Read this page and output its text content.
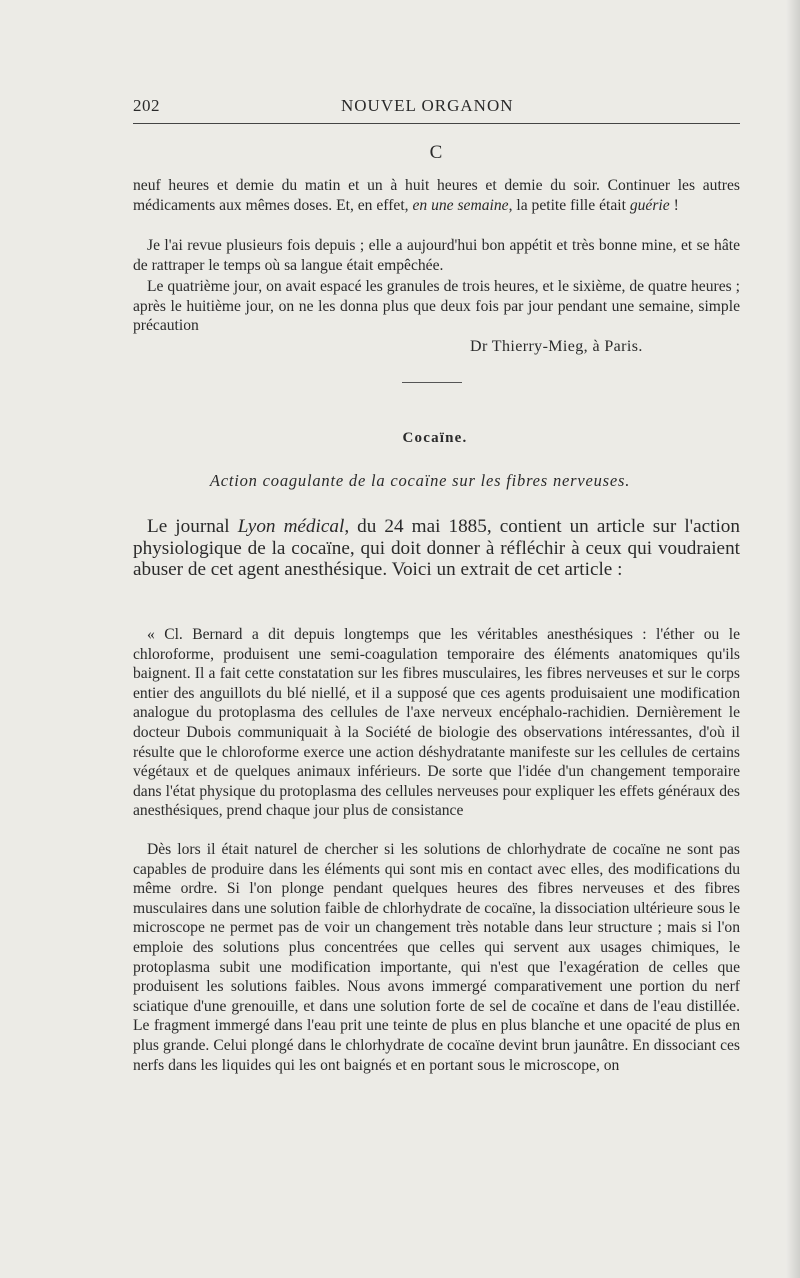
202	NOUVEL ORGANON
C

neuf heures et demie du matin et un à huit heures et demie du soir. Continuer les autres médicaments aux mêmes doses. Et, en effet, en une semaine, la petite fille était guérie !

Je l'ai revue plusieurs fois depuis ; elle a aujourd'hui bon appétit et très bonne mine, et se hâte de rattraper le temps où sa langue était empêchée.

Le quatrième jour, on avait espacé les granules de trois heures, et le sixième, de quatre heures ; après le huitième jour, on ne les donna plus que deux fois par jour pendant une semaine, simple précaution

Dr Thierry-Mieg, à Paris.
Cocaïne.
Action coagulante de la cocaïne sur les fibres nerveuses.

Le journal Lyon médical, du 24 mai 1885, contient un article sur l'action physiologique de la cocaïne, qui doit donner à réfléchir à ceux qui voudraient abuser de cet agent anesthésique. Voici un extrait de cet article :

« Cl. Bernard a dit depuis longtemps que les véritables anesthésiques : l'éther ou le chloroforme, produisent une semi-coagulation temporaire des éléments anatomiques qu'ils baignent. Il a fait cette constatation sur les fibres musculaires, les fibres nerveuses et sur le corps entier des anguillots du blé niellé, et il a supposé que ces agents produisaient une modification analogue du protoplasma des cellules de l'axe nerveux encéphalo-rachidien. Dernièrement le docteur Dubois communiquait à la Société de biologie des observations intéressantes, d'où il résulte que le chloroforme exerce une action déshydratante manifeste sur les cellules de certains végétaux et de quelques animaux inférieurs. De sorte que l'idée d'un changement temporaire dans l'état physique du protoplasma des cellules nerveuses pour expliquer les effets généraux des anesthésiques, prend chaque jour plus de consistance

Dès lors il était naturel de chercher si les solutions de chlorhydrate de cocaïne ne sont pas capables de produire dans les éléments qui sont mis en contact avec elles, des modifications du même ordre. Si l'on plonge pendant quelques heures des fibres nerveuses et des fibres musculaires dans une solution faible de chlorhydrate de cocaïne, la dissociation ultérieure sous le microscope ne permet pas de voir un changement très notable dans leur structure ; mais si l'on emploie des solutions plus concentrées que celles qui servent aux usages chimiques, le protoplasma subit une modification importante, qui n'est que l'exagération de celles que produisent les solutions faibles. Nous avons immergé comparativement une portion du nerf sciatique d'une grenouille, et dans une solution forte de sel de cocaïne et dans de l'eau distillée. Le fragment immergé dans l'eau prit une teinte de plus en plus blanche et une opacité de plus en plus grande. Celui plongé dans le chlorhydrate de cocaïne devint brun jaunâtre. En dissociant ces nerfs dans les liquides qui les ont baignés et en portant sous le microscope, on
